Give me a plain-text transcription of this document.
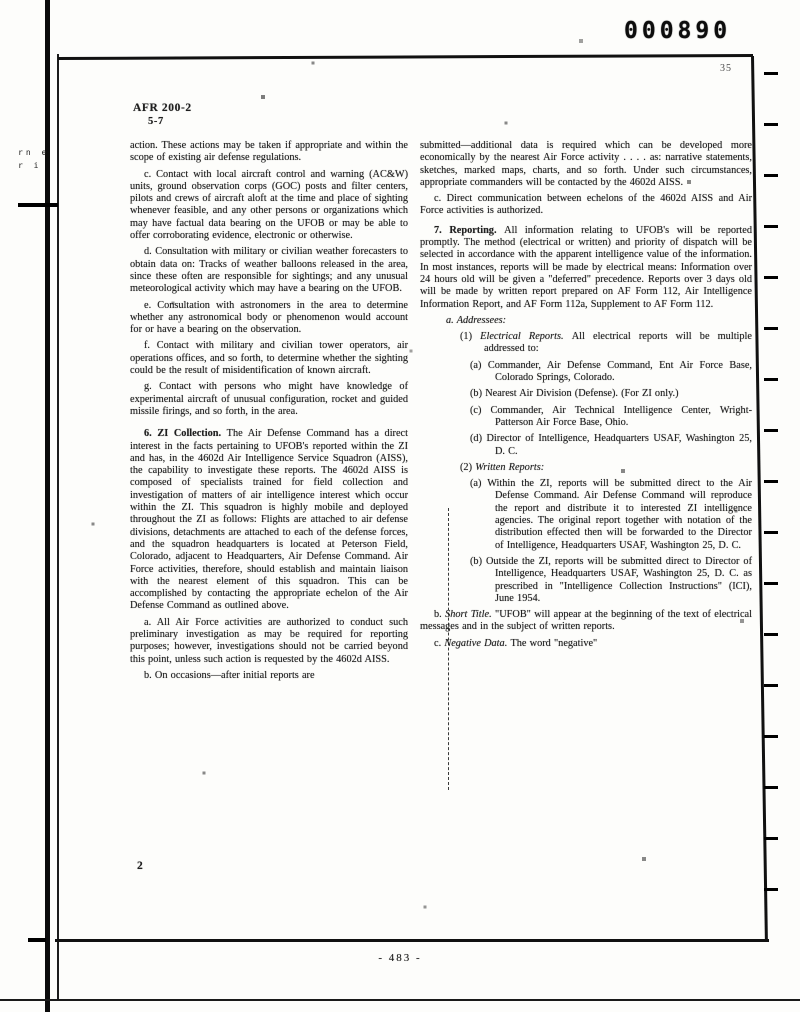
000890
35
rn e
r i
AFR 200-2
5-7

action. These actions may be taken if appropriate and within the scope of existing air defense regulations.

c. Contact with local aircraft control and warning (AC&W) units, ground observation corps (GOC) posts and filter centers, pilots and crews of aircraft aloft at the time and place of sighting whenever feasible, and any other persons or organizations which may have factual data bearing on the UFOB or may be able to offer corroborating evidence, electronic or otherwise.

d. Consultation with military or civilian weather forecasters to obtain data on: Tracks of weather balloons released in the area, since these often are responsible for sightings; and any unusual meteorological activity which may have a bearing on the UFOB.

e. Consultation with astronomers in the area to determine whether any astronomical body or phenomenon would account for or have a bearing on the observation.

f. Contact with military and civilian tower operators, air operations offices, and so forth, to determine whether the sighting could be the result of misidentification of known aircraft.

g. Contact with persons who might have knowledge of experimental aircraft of unusual configuration, rocket and guided missile firings, and so forth, in the area.

6. ZI Collection. The Air Defense Command has a direct interest in the facts pertaining to UFOB's reported within the ZI and has, in the 4602d Air Intelligence Service Squadron (AISS), the capability to investigate these reports. The 4602d AISS is composed of specialists trained for field collection and investigation of matters of air intelligence interest which occur within the ZI. This squadron is highly mobile and deployed throughout the ZI as follows: Flights are attached to air defense divisions, detachments are attached to each of the defense forces, and the squadron headquarters is located at Peterson Field, Colorado, adjacent to Headquarters, Air Defense Command. Air Force activities, therefore, should establish and maintain liaison with the nearest element of this squadron. This can be accomplished by contacting the appropriate echelon of the Air Defense Command as outlined above.

a. All Air Force activities are authorized to conduct such preliminary investigation as may be required for reporting purposes; however, investigations should not be carried beyond this point, unless such action is requested by the 4602d AISS.

b. On occasions—after initial reports are

submitted—additional data is required which can be developed more economically by the nearest Air Force activity . . . . as: narrative statements, sketches, marked maps, charts, and so forth. Under such circumstances, appropriate commanders will be contacted by the 4602d AISS.

c. Direct communication between echelons of the 4602d AISS and Air Force activities is authorized.

7. Reporting. All information relating to UFOB's will be reported promptly. The method (electrical or written) and priority of dispatch will be selected in accordance with the apparent intelligence value of the information. In most instances, reports will be made by electrical means: Information over 24 hours old will be given a "deferred" precedence. Reports over 3 days old will be made by written report prepared on AF Form 112, Air Intelligence Information Report, and AF Form 112a, Supplement to AF Form 112.

a. Addressees:

(1) Electrical Reports. All electrical reports will be multiple addressed to:

(a) Commander, Air Defense Command, Ent Air Force Base, Colorado Springs, Colorado.

(b) Nearest Air Division (Defense). (For ZI only.)

(c) Commander, Air Technical Intelligence Center, Wright-Patterson Air Force Base, Ohio.

(d) Director of Intelligence, Headquarters USAF, Washington 25, D. C.

(2) Written Reports:

(a) Within the ZI, reports will be submitted direct to the Air Defense Command. Air Defense Command will reproduce the report and distribute it to interested ZI intelligence agencies. The original report together with notation of the distribution effected then will be forwarded to the Director of Intelligence, Headquarters USAF, Washington 25, D. C.

(b) Outside the ZI, reports will be submitted direct to Director of Intelligence, Headquarters USAF, Washington 25, D. C. as prescribed in "Intelligence Collection Instructions" (ICI), June 1954.

b. Short Title. "UFOB" will appear at the beginning of the text of electrical messages and in the subject of written reports.

c. Negative Data. The word "negative"

2
- 483 -
